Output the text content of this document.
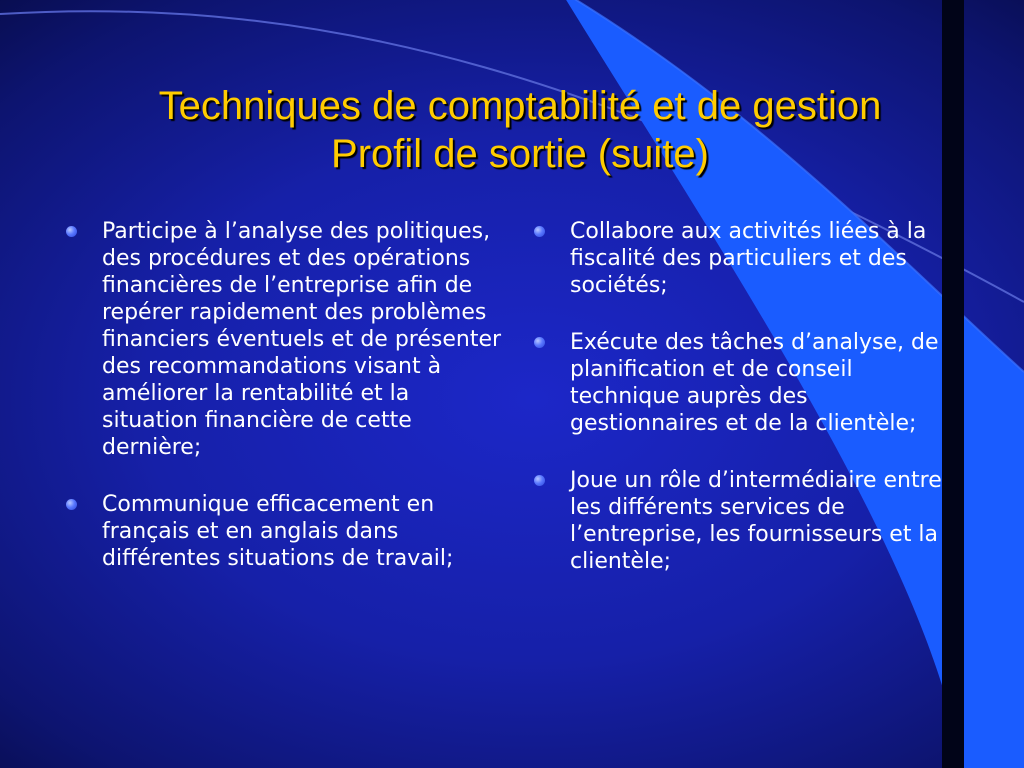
Techniques de comptabilité et de gestion
Profil de sortie (suite)
Participe à l’analyse des politiques, des procédures et des opérations financières de l’entreprise afin de repérer rapidement des problèmes financiers éventuels et de présenter des recommandations visant à améliorer la rentabilité et la situation financière de cette dernière;
Communique efficacement en français et en anglais dans différentes situations de travail;
Collabore aux activités liées à la fiscalité des particuliers et des sociétés;
Exécute des tâches d’analyse, de planification et de conseil technique auprès des gestionnaires et de la clientèle;
Joue un rôle d’intermédiaire entre les différents services de l’entreprise, les fournisseurs et la clientèle;
